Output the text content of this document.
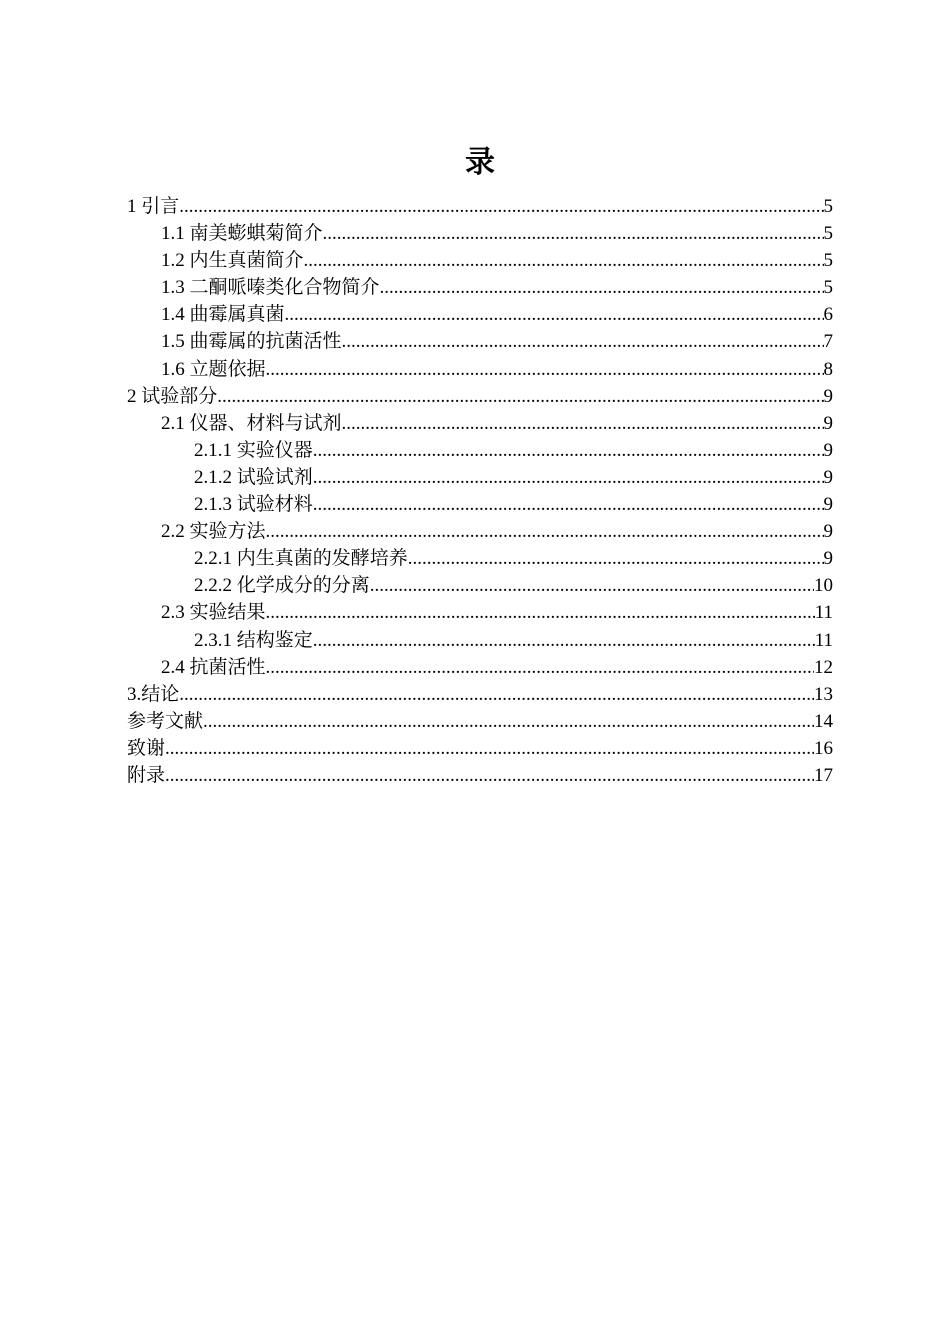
录
1 引言 .....	5
1.1 南美蟛蜞菊简介 .....	5
1.2 内生真菌简介 .....	5
1.3 二酮哌嗪类化合物简介 .....	5
1.4 曲霉属真菌 .....	6
1.5 曲霉属的抗菌活性 .....	7
1.6 立题依据 .....	8
2 试验部分 .....	9
2.1 仪器、材料与试剂 .....	9
2.1.1 实验仪器 .....	9
2.1.2 试验试剂 .....	9
2.1.3 试验材料 .....	9
2.2 实验方法 .....	9
2.2.1 内生真菌的发酵培养 .....	9
2.2.2 化学成分的分离 .....	10
2.3 实验结果 .....	11
2.3.1 结构鉴定 .....	11
2.4 抗菌活性 .....	12
3.结论 .....	13
参考文献 .....	14
致谢 .....	16
附录 .....	17
